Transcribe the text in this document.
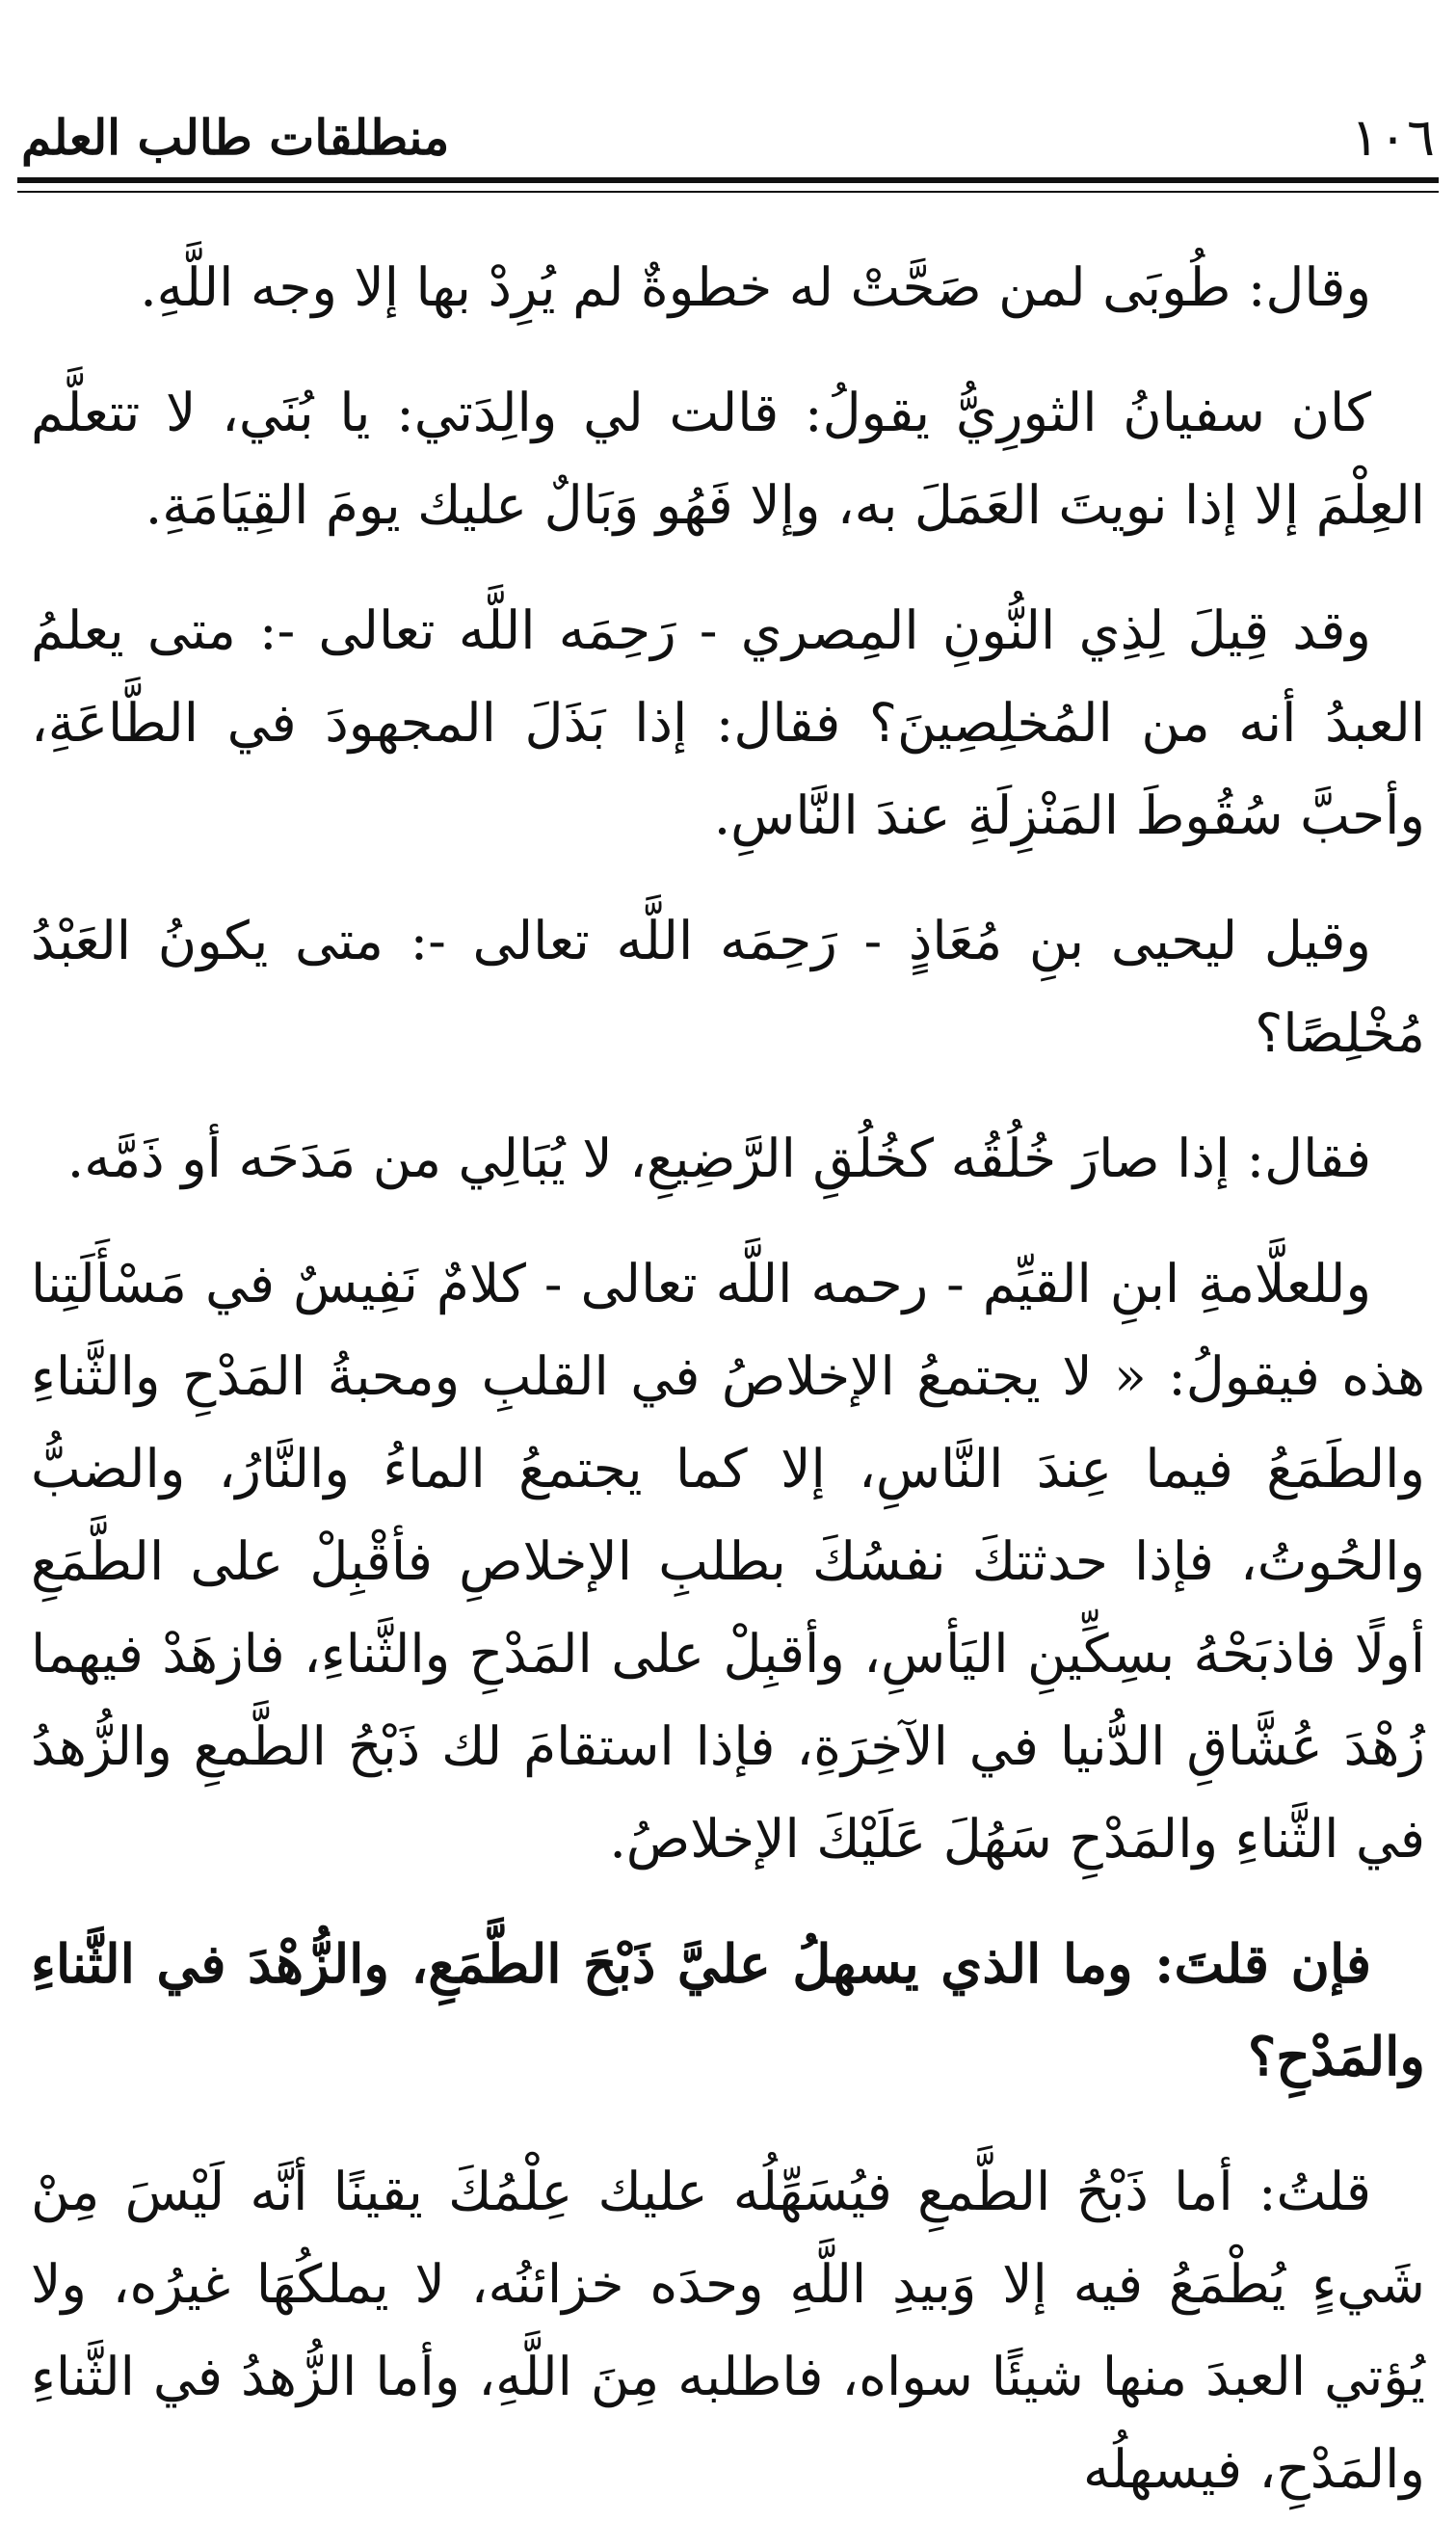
١٠٦
منطلقات طالب العلم

وقال: طُوبَى لمن صَحَّتْ له خطوةٌ لم يُرِدْ بها إلا وجه اللَّهِ.

كان سفيانُ الثورِيُّ يقولُ: قالت لي والِدَتي: يا بُنَي، لا تتعلَّم العِلْمَ إلا إذا نويتَ العَمَلَ به، وإلا فَهُو وَبَالٌ عليك يومَ القِيَامَةِ.

وقد قِيلَ لِذِي النُّونِ المِصري - رَحِمَه اللَّه تعالى -: متى يعلمُ العبدُ أنه من المُخلِصِينَ؟ فقال: إذا بَذَلَ المجهودَ في الطَّاعَةِ، وأحبَّ سُقُوطَ المَنْزِلَةِ عندَ النَّاسِ.

وقيل ليحيى بنِ مُعَاذٍ - رَحِمَه اللَّه تعالى -: متى يكونُ العَبْدُ مُخْلِصًا؟

فقال: إذا صارَ خُلُقُه كخُلُقِ الرَّضِيعِ، لا يُبَالِي من مَدَحَه أو ذَمَّه.

وللعلَّامةِ ابنِ القيِّم - رحمه اللَّه تعالى - كلامٌ نَفِيسٌ في مَسْأَلَتِنا هذه فيقولُ: « لا يجتمعُ الإخلاصُ في القلبِ ومحبةُ المَدْحِ والثَّناءِ والطَمَعُ فيما عِندَ النَّاسِ، إلا كما يجتمعُ الماءُ والنَّارُ، والضبُّ والحُوتُ، فإذا حدثتكَ نفسُكَ بطلبِ الإخلاصِ فأقْبِلْ على الطَّمَعِ أولًا فاذبَحْهُ بسِكِّينِ اليَأسِ، وأقبِلْ على المَدْحِ والثَّناءِ، فازهَدْ فيهما زُهْدَ عُشَّاقِ الدُّنيا في الآخِرَةِ، فإذا استقامَ لك ذَبْحُ الطَّمعِ والزُّهدُ في الثَّناءِ والمَدْحِ سَهُلَ عَلَيْكَ الإخلاصُ.

فإن قلتَ: وما الذي يسهلُ عليَّ ذَبْحَ الطَّمَعِ، والزُّهْدَ في الثَّناءِ والمَدْحِ؟

قلتُ: أما ذَبْحُ الطَّمعِ فيُسَهِّلُه عليك عِلْمُكَ يقينًا أنَّه لَيْسَ مِنْ شَيءٍ يُطْمَعُ فيه إلا وَبيدِ اللَّهِ وحدَه خزائنُه، لا يملكُهَا غيرُه، ولا يُؤتي العبدَ منها شيئًا سواه، فاطلبه مِنَ اللَّهِ، وأما الزُّهدُ في الثَّناءِ والمَدْحِ، فيسهلُه
